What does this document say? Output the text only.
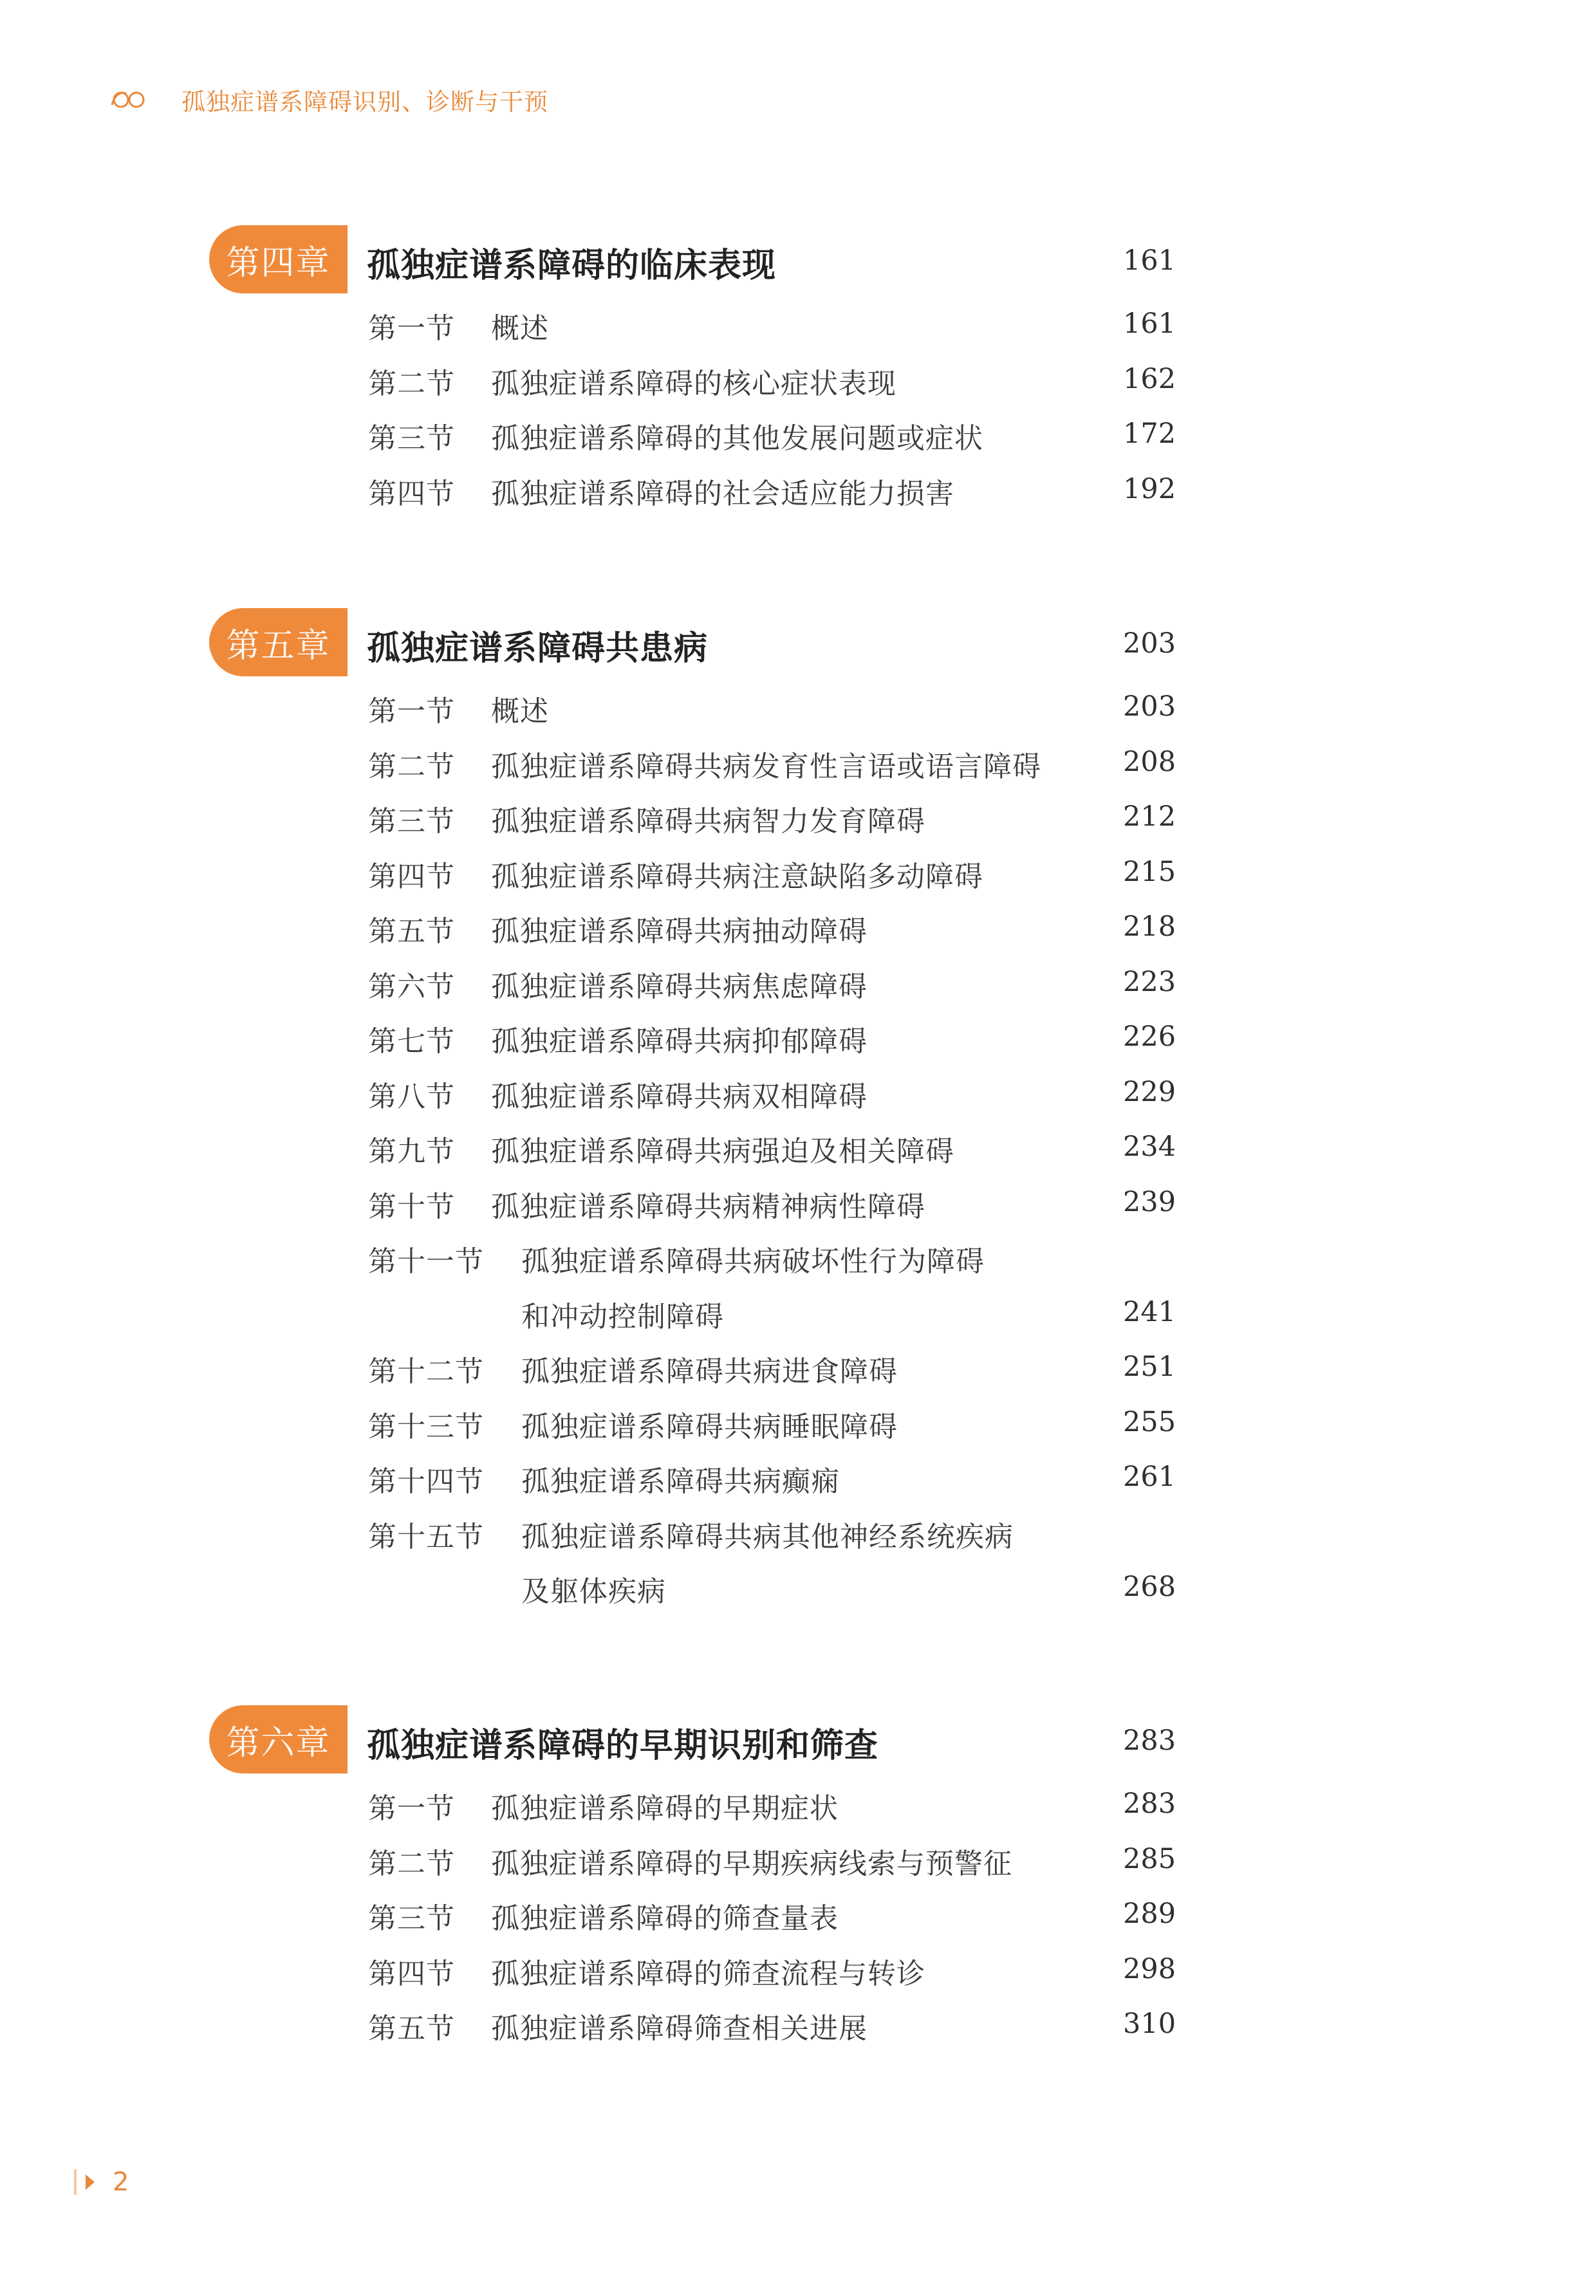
孤独症谱系障碍识别、诊断与干预
第四章	孤独症谱系障碍的临床表现	161
第一节 概述	161
第二节 孤独症谱系障碍的核心症状表现	162
第三节 孤独症谱系障碍的其他发展问题或症状	172
第四节 孤独症谱系障碍的社会适应能力损害	192
第五章	孤独症谱系障碍共患病	203
第一节 概述	203
第二节 孤独症谱系障碍共病发育性言语或语言障碍	208
第三节 孤独症谱系障碍共病智力发育障碍	212
第四节 孤独症谱系障碍共病注意缺陷多动障碍	215
第五节 孤独症谱系障碍共病抽动障碍	218
第六节 孤独症谱系障碍共病焦虑障碍	223
第七节 孤独症谱系障碍共病抑郁障碍	226
第八节 孤独症谱系障碍共病双相障碍	229
第九节 孤独症谱系障碍共病强迫及相关障碍	234
第十节 孤独症谱系障碍共病精神病性障碍	239
第十一节 孤独症谱系障碍共病破坏性行为障碍
和冲动控制障碍	241
第十二节 孤独症谱系障碍共病进食障碍	251
第十三节 孤独症谱系障碍共病睡眠障碍	255
第十四节 孤独症谱系障碍共病癫痫	261
第十五节 孤独症谱系障碍共病其他神经系统疾病
及躯体疾病	268
第六章	孤独症谱系障碍的早期识别和筛查	283
第一节 孤独症谱系障碍的早期症状	283
第二节 孤独症谱系障碍的早期疾病线索与预警征	285
第三节 孤独症谱系障碍的筛查量表	289
第四节 孤独症谱系障碍的筛查流程与转诊	298
第五节 孤独症谱系障碍筛查相关进展	310
2
